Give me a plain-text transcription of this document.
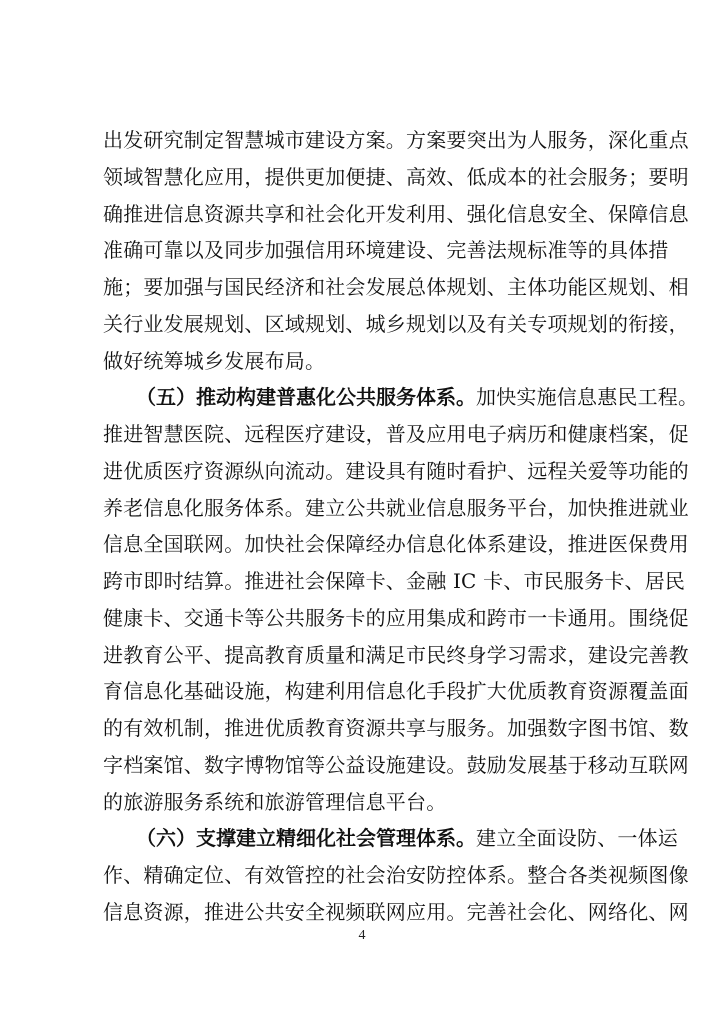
出发研究制定智慧城市建设方案。方案要突出为人服务，深化重点
领域智慧化应用，提供更加便捷、高效、低成本的社会服务；要明
确推进信息资源共享和社会化开发利用、强化信息安全、保障信息
准确可靠以及同步加强信用环境建设、完善法规标准等的具体措
施；要加强与国民经济和社会发展总体规划、主体功能区规划、相
关行业发展规划、区域规划、城乡规划以及有关专项规划的衔接，
做好统筹城乡发展布局。
（五）推动构建普惠化公共服务体系。加快实施信息惠民工程。
推进智慧医院、远程医疗建设，普及应用电子病历和健康档案，促
进优质医疗资源纵向流动。建设具有随时看护、远程关爱等功能的
养老信息化服务体系。建立公共就业信息服务平台，加快推进就业
信息全国联网。加快社会保障经办信息化体系建设，推进医保费用
跨市即时结算。推进社会保障卡、金融 IC 卡、市民服务卡、居民
健康卡、交通卡等公共服务卡的应用集成和跨市一卡通用。围绕促
进教育公平、提高教育质量和满足市民终身学习需求，建设完善教
育信息化基础设施，构建利用信息化手段扩大优质教育资源覆盖面
的有效机制，推进优质教育资源共享与服务。加强数字图书馆、数
字档案馆、数字博物馆等公益设施建设。鼓励发展基于移动互联网
的旅游服务系统和旅游管理信息平台。
（六）支撑建立精细化社会管理体系。建立全面设防、一体运
作、精确定位、有效管控的社会治安防控体系。整合各类视频图像
信息资源，推进公共安全视频联网应用。完善社会化、网络化、网
4
